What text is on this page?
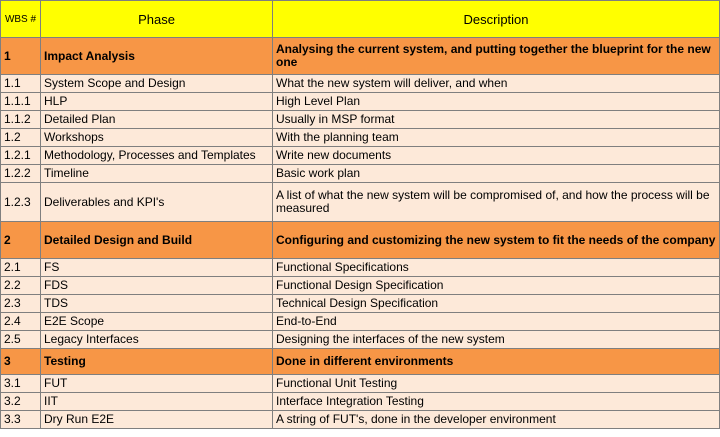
WBS #	Phase	Description
1	Impact Analysis	Analysing the current system, and putting together the blueprint for the new one
1.1	System Scope and Design	What the new system will deliver, and when
1.1.1	HLP	High Level Plan
1.1.2	Detailed Plan	Usually in MSP format
1.2	Workshops	With the planning team
1.2.1	Methodology, Processes and Templates	Write new documents
1.2.2	Timeline	Basic work plan
1.2.3	Deliverables and KPI's	A list of what the new system will be compromised of, and how the process will be measured
2	Detailed Design and Build	Configuring and customizing the new system to fit the needs of the company
2.1	FS	Functional Specifications
2.2	FDS	Functional Design Specification
2.3	TDS	Technical Design Specification
2.4	E2E Scope	End-to-End
2.5	Legacy Interfaces	Designing the interfaces of the new system
3	Testing	Done in different environments
3.1	FUT	Functional Unit Testing
3.2	IIT	Interface Integration Testing
3.3	Dry Run E2E	A string of FUT's, done in the developer environment
